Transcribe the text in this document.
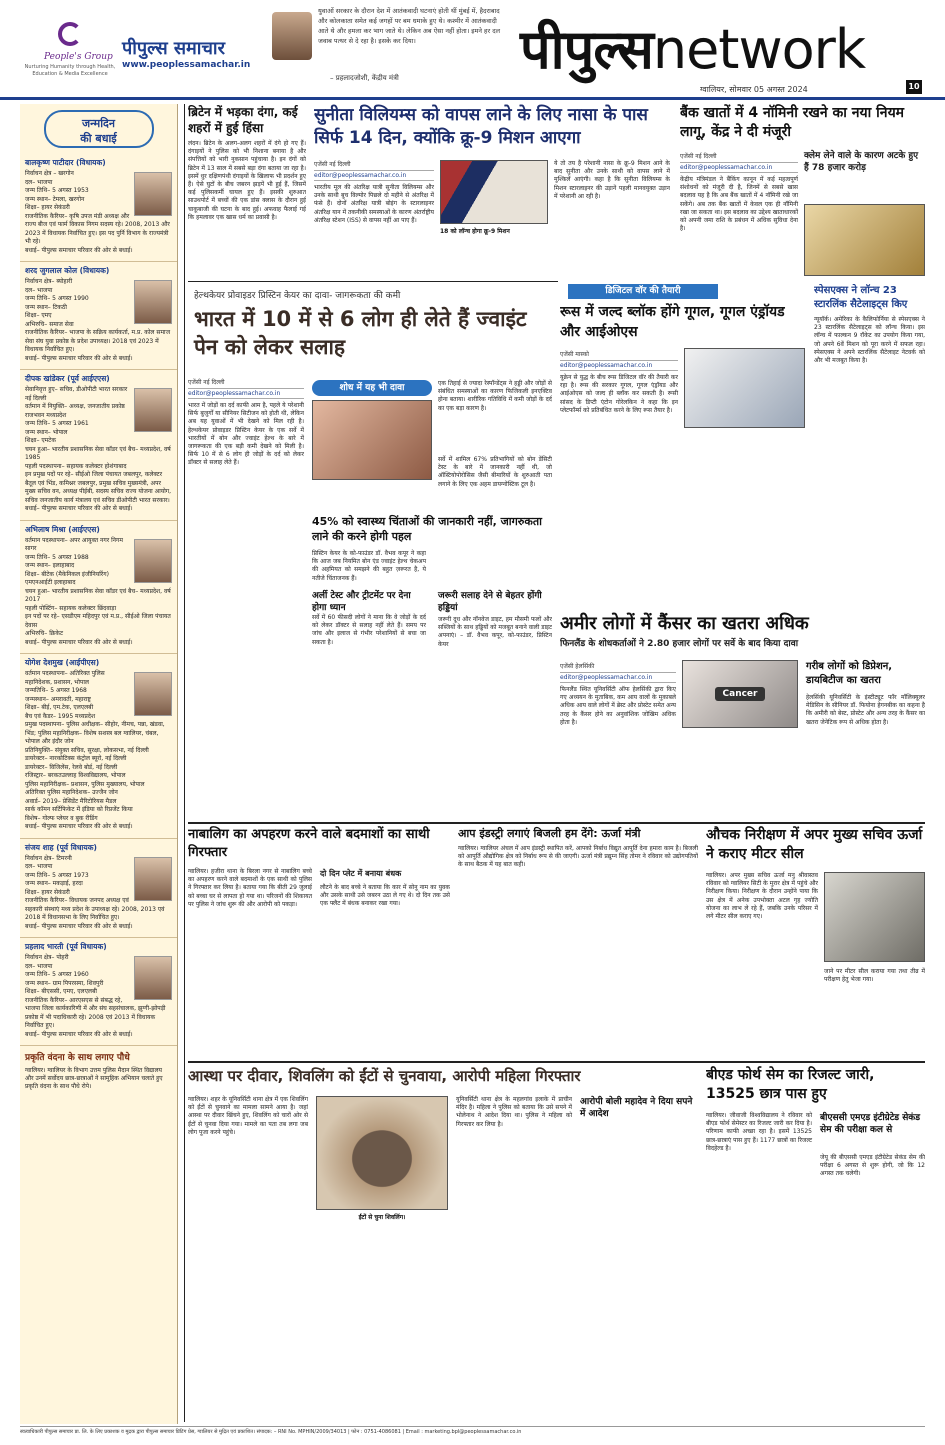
People's Group
Nurturing Humanity through Health, Education & Media Excellence
पीपुल्स समाचार
www.peoplessamachar.in
युवाओं सरकार के दौरान देश में आतंकवादी घटनाएं होती थीं मुंबई में, हैदराबाद और कोलकाता समेत कई जगहों पर बम धमाके हुए थे। कश्मीर में आतंकवादी आते थे और हमला कर भाग जाते थे। लेकिन अब ऐसा नहीं होता। इमने हर दल जवाब पत्थर से दे रहा है। इसके कर दिया।
– प्रहलादजोशी, केंद्रीय मंत्री पीपुल्सnetwork
ग्वालियर, सोमवार 05 अगस्त 2024	10
जन्मदिन
की बधाई
बालकृष्ण पाटीदार (विधायक)
निर्वाचन क्षेत्र – खरगोन
दल– भाजपा
जन्म तिथि– 5 अगस्त 1953
जन्म स्थान– टेमला, खरगोन
शिक्षा– हायर सेकंडरी
राजनीतिक कैरियर– कृषि उपज मंडी अध्यक्ष और राज्य बीज एवं फार्म विकास निगम सदस्य रहे। 2008, 2013 और 2023 में विधायक निर्वाचित हुए। इस पद पुर्नि विभाग के राज्यमंत्री भी रहे।
बधाई– पीपुल्स समाचार परिवार की ओर से बधाई।
शरद जुगलाल कोल (विधायक)
निर्वाचन क्षेत्र– ब्योहारी
दल– भाजपा
जन्म तिथि– 5 अगस्त 1990
जन्म स्थान– टिकठी
शिक्षा– एमए
अभिरुचि– समाज सेवा
राजनीतिक कैरियर– भाजपा के सक्रिय कार्यकर्ता, म.प्र. कोल समाज सेवा संघ युवा प्रकोष्ठ के प्रदेश उपाध्यक्ष। 2018 एवं 2023 में विधायक निर्वाचित हुए।
बधाई– पीपुल्स समाचार परिवार की ओर से बधाई।
दीपक खांडेकर (पूर्व आईएएस)
सेवानिवृत्त हुए– सचिव, डीओपीटी भारत सरकार नई दिल्ली
वर्तमान में नियुक्ति– अध्यक्ष, जनजातीय प्रकोष्ठ राजभवन मध्यप्रदेश
जन्म तिथि– 5 अगस्त 1961
जन्म स्थान– भोपाल
शिक्षा– एमटेक
चयन हुआ– भारतीय प्रशासनिक सेवा कॉडर एवं बैच– मध्यप्रदेश, वर्ष 1985
पहली पदस्थापना– सहायक कलेक्टर होशंगाबाद
इन प्रमुख पदों पर रहे– सीईओ जिला पंचायत जबलपुर, कलेक्टर बैतूल एवं भिंड, कमिश्नर जबलपुर, प्रमुख सचिव मुख्यमंत्री, अपर मुख्य सचिव वन, अध्यक्ष पीईबी, सदस्य सचिव राज्य योजना आयोग, सचिव जनजातीय कार्य मंत्रालय एवं सचिव डीओपीटी भारत सरकार।
बधाई– पीपुल्स समाचार परिवार की ओर से बधाई।
अभिलाष मिश्रा (आईएएस)
वर्तमान पदस्थापना– अपर आयुक्त नगर निगम सागर
जन्म तिथि– 5 अगस्त 1988
जन्म स्थान– इलाहाबाद
शिक्षा– बीटेक (मैकेनिकल इंजीनियरिंग) एमएनआईटी इलाहाबाद
चयन हुआ– भारतीय प्रशासनिक सेवा कॉडर एवं बैच– मध्यप्रदेश, वर्ष 2017
पहली पोस्टिंग– सहायक कलेक्टर छिंदवाड़ा
इन पदों पर रहे– एसडीएम महिदपुर एवं म.प्र., सीईओ जिला पंचायत देवास
अभिरुचि– क्रिकेट
बधाई– पीपुल्स समाचार परिवार की ओर से बधाई।
योगेश देशमुख (आईपीएस)
वर्तमान पदस्थापना– अतिरिक्त पुलिस महानिदेशक, प्रशासन, भोपाल
जन्मतिथि– 5 अगस्त 1968
जन्मस्थान– अमरावती, महाराष्ट्र
शिक्षा– बीई, एम.टेक, एलएलबी
बैच एवं कैडर– 1995 मध्यप्रदेश
प्रमुख पदस्थापना– पुलिस अधीक्षक– सीहोर, नीमच, पन्ना, खंडवा, भिंड; पुलिस महानिरीक्षक– विशेष सशस्त्र बल ग्वालियर, चंबल, भोपाल और इंदौर जोन
प्रतिनियुक्ति– संयुक्त सचिव, सुरक्षा, लोकसभा, नई दिल्ली
डायरेक्टर– नारकोटिक्स कंट्रोल ब्यूरो, नई दिल्ली
डायरेक्टर– विजिलेंस, रेलवे बोर्ड, नई दिल्ली
रजिस्ट्रार– बरकतउल्लाह विश्वविद्यालय, भोपाल
पुलिस महानिरीक्षक– प्रशासन, पुलिस मुख्यालय, भोपाल
अतिरिक्त पुलिस महानिदेशक– उज्जैन जोन
अवार्ड– 2019– प्रेसिडेंट मैरिटोरियस मैडल
सार्क कॉमन सर्टिफिकेट में इंडिया को रिप्रजेंट किया
विशेष– गोल्फ प्लेयर व बुक रीडिंग
बधाई– पीपुल्स समाचार परिवार की ओर से बधाई।
संजय शाह (पूर्व विधायक)
निर्वाचन क्षेत्र– टिमरनी
दल– भाजपा
जन्म तिथि– 5 अगस्त 1973
जन्म स्थान– मकड़ाई, हरदा
शिक्षा– हायर सेकंडरी
राजनीतिक कैरियर– विधायक जनपद अध्यक्ष एवं सहकारी संस्थाएं मध्य प्रदेश के उपाध्यक्ष रहे। 2008, 2013 एवं 2018 में विधानसभा के लिए निर्वाचित हुए।
बधाई– पीपुल्स समाचार परिवार की ओर से बधाई।
प्रहलाद भारती (पूर्व विधायक)
निर्वाचन क्षेत्र– पोहरी
दल– भाजपा
जन्म तिथि– 5 अगस्त 1960
जन्म स्थान– ग्राम पिपरसमा, शिवपुरी
शिक्षा– बीएससी, एमए, एलएलबी
राजनीतिक कैरियर– आरएसएस से संबद्ध रहे, भाजपा जिला कार्यकारिणी में और संघ सहसंचालक, झुग्गी-झोपड़ी प्रकोष्ठ में भी पदाधिकारी रहे। 2008 एवं 2013 में विधायक निर्वाचित हुए।
बधाई– पीपुल्स समाचार परिवार की ओर से बधाई।
प्रकृति वंदना के साथ लगाए पौधे
ग्वालियर। ग्वालियर के विभाग उत्तम पुलिस मैदान स्थित विद्यालय और उनमें सर्वोदय छात्र-छात्राओं ने सामूहिक अभियान चलाते हुए प्रकृति वंदना के साथ पौधे रोपे।
ब्रिटेन में भड़का दंगा, कई शहरों में हुई हिंसा
लंदन। ब्रिटेन के अलग-अलग शहरों में दंगे हो गए हैं। दंगाइयों ने पुलिस को भी निशाना बनाया है और संपत्तियों को भारी नुकसान पहुंचाया है। इन दंगों को ब्रिटेन में 13 साल में सबसे बड़ा दंगा बताया जा रहा है। इसमें धुर दक्षिणपंथी दंगाइयों के खिलाफ भी प्रदर्शन हुए हैं। ऐसे घुटों के बीच जबरन झड़पें भी हुई हैं, जिसमें कई पुलिसकर्मी घायल हुए हैं। इसकी शुरुआत साउथपोर्ट में बच्चों की एक डांस क्लास के दौरान हुई चाकूबाजी की घटना के बाद हुई। अफवाह फैलाई गई कि हमलावर एक खास धर्म का प्रवासी है।
सुनीता विलियम्स को वापस लाने के लिए नासा के पास सिर्फ 14 दिन, क्योंकि क्रू-9 मिशन आएगा
एजेंसी नई दिल्ली
editor@peoplessamachar.co.in
भारतीय मूल की अंतरिक्ष यात्री सुनीता विलियम्स और उनके साथी बुच विल्मोर पिछले दो महीने से अंतरिक्ष में फंसे हैं। दोनों अंतरिक्ष यात्री बोइंग के स्टारलाइनर अंतरिक्ष यान में तकनीकी समस्याओं के कारण अंतर्राष्ट्रीय अंतरिक्ष स्टेशन (ISS) से वापस नहीं आ पाए हैं।
18 को लॉन्च होगा क्रू-9 मिशन
ये तो तय है परेशानी नासा के क्रू-9 मिशन आने के बाद सुनीता और उनके साथी को वापस लाने में मुश्किलें आएंगी। कहा है कि सुनीता विलियम्स के मिशन स्टारलाइनर की उड़ानें पहली मानवयुक्त उड़ान में परेशानी आ रही है।
बैंक खातों में 4 नॉमिनी रखने का नया नियम लागू, केंद्र ने दी मंजूरी
एजेंसी नई दिल्ली
editor@peoplessamachar.co.in
केंद्रीय मंत्रिमंडल ने बैंकिंग कानून में कई महत्वपूर्ण संशोधनों को मंजूरी दी है, जिनमें से सबसे खास बदलाव यह है कि अब बैंक खातों में 4 नॉमिनी रखे जा सकेंगे। अब तक बैंक खातों में केवल एक ही नॉमिनी रखा जा सकता था। इस बदलाव का उद्देश्य खाताधारकों को अपनी जमा राशि के प्रबंधन में अधिक सुविधा देना है।
क्लेम लेने वाले के कारण अटके हुए हैं 78 हजार करोड़
हेल्थकेयर प्रोवाइडर प्रिस्टिन केयर का दावा- जागरूकता की कमी
भारत में 10 में से 6 लोग ही लेते हैं ज्वाइंट पेन को लेकर सलाह
एजेंसी नई दिल्ली
editor@peoplessamachar.co.in
भारत में जोड़ों का दर्द काफी आम है, पहले ये परेशानी सिर्फ बुजुर्गों या सीनियर सिटीजन को होती थी, लेकिन अब यह युवाओं में भी देखने को मिल रही है। हेल्थकेयर प्रोवाइडर प्रिस्टिन केयर के एक सर्वे में भारतीयों में बोन और ज्वाइंट हेल्थ के बारे में जागरूकता की एक बड़ी कमी देखने को मिली है। सिर्फ 10 में से 6 लोग ही जोड़ों के दर्द को लेकर डॉक्टर से सलाह लेते हैं।
शोध में यह भी दावा	एक तिहाई से ज्यादा रेस्पॉन्डेंट्स ने हड्डी और जोड़ों से संबंधित समस्याओं का कारण फिजिकली इनएक्टिव होना बताया। शारीरिक गतिविधि में कमी जोड़ों के दर्द का एक बड़ा कारण है।
सर्वे में शामिल 67% प्रतिभागियों को बोन डेंसिटी टेस्ट के बारे में जानकारी नहीं थी, जो ऑस्टियोपोरोसिस जैसी बीमारियों के शुरुआती पता लगाने के लिए एक अहम डायग्नोस्टिक टूल है।
45% को स्वास्थ्य चिंताओं की जानकारी नहीं, जागरुकता लाने की करने होगी पहल
प्रिस्टिन केयर के को-फाउंडर डॉ. वैभव कपूर ने कहा कि आज जब नियमित बोन एंड ज्वाइंट हेल्थ चेकअप की अहमियत को समझने की बहुत ज़रूरत है, ये नतीजे चिंताजनक हैं।
अर्ली टेस्ट और ट्रीटमेंट पर देना होगा ध्यान
सर्वे में 60 फीसदी लोगों ने माना कि वे जोड़ों के दर्द को लेकर डॉक्टर से सलाह नहीं लेते हैं। समय पर जांच और इलाज से गंभीर परेशानियों से बचा जा सकता है।
जरूरी सलाह देने से बेहतर होंगी हड्डियां
जरूरी दूध और नॉनवेज डाइट, हम मौसमी फलों और सब्जियों के साथ हड्डियों को मजबूत बनाने वाली डाइट अपनाएं। – डॉ. वैभव कपूर, को-फाउंडर, प्रिस्टिन केयर
डिजिटल वॉर की तैयारी
रूस में जल्द ब्लॉक होंगे गूगल, गूगल एंड्रॉयड और आईओएस
एजेंसी मास्को
editor@peoplessamachar.co.in
यूक्रेन से युद्ध के बीच रूस डिजिटल वॉर की तैयारी कर रहा है। रूस की सरकार गूगल, गूगल एंड्रॉयड और आईओएस को जल्द ही ब्लॉक कर सकती है। रूसी सांसद के डिप्टी एंटोन गोरेलकिन ने कहा कि इन प्लेटफॉर्म्स को प्रतिबंधित करने के लिए रूस तैयार है।
स्पेसएक्स ने लॉन्च 23 स्टारलिंक सैटेलाइट्स किए
न्यूयॉर्क। अमेरिका के कैलिफोर्निया से स्पेसएक्स ने 23 स्टारलिंक सैटेलाइट्स को लॉन्च किया। इस लॉन्च में फाल्कन 9 रॉकेट का उपयोग किया गया, जो अपने 6वें मिशन को पूरा करने में सफल रहा। स्पेसएक्स ने अपने स्टारलिंक सैटेलाइट नेटवर्क को और भी मजबूत किया है।
अमीर लोगों में कैंसर का खतरा अधिक
फिनलैंड के शोधकर्ताओं ने 2.80 हजार लोगों पर सर्वे के बाद किया दावा
एजेंसी हेलसिंकी
editor@peoplessamachar.co.in
फिनलैंड स्थित यूनिवर्सिटी ऑफ हेलसिंकी द्वारा किए गए अध्ययन के मुताबिक, कम आय वालों के मुकाबले अधिक आय वाले लोगों में ब्रेस्ट और प्रोस्टेट समेत अन्य तरह के कैंसर होने का अनुवांशिक जोखिम अधिक होता है।
Cancer
गरीब लोगों को डिप्रेशन, डायबिटीज का खतरा
हेलसिंकी यूनिवर्सिटी के इंस्टीट्यूट फॉर मॉलिक्यूलर मेडिसिन के सीनियर डॉ. फियोना हेगनबीक का कहना है कि अमीरी को बेस्ट, प्रोस्टेट और अन्य तरह के कैंसर का खतरा जेनेटिक रूप से अधिक होता है।
नाबालिग का अपहरण करने वाले बदमाशों का साथी गिरफ्तार
ग्वालियर। हजीरा थाना के बिरला नगर से नाबालिग बच्चे का अपहरण करने वाले बदमाशों के एक साथी को पुलिस ने गिरफ्तार कर लिया है। बताया गया कि बीती 29 जुलाई को बच्चा घर से लापता हो गया था। परिजनों की शिकायत पर पुलिस ने जांच शुरू की और आरोपी को पकड़ा।
दो दिन प्लेट में बनाया बंधक
लौटने के बाद बच्चे ने बताया कि कार में सोनू नाम का युवक और उसके साथी उसे जबरन उठा ले गए थे। दो दिन तक उसे एक फ्लैट में बंधक बनाकर रखा गया।
आप इंडस्ट्री लगाएं बिजली हम देंगे: ऊर्जा मंत्री
ग्वालियर। ग्वालियर अंचल में आप इंडस्ट्री स्थापित करें, आपको निर्बाध विद्युत आपूर्ति देना हमारा काम है। बिजली को आपूर्ति औद्योगिक क्षेत्र को निर्बाध रूप से की जाएगी। ऊर्जा मंत्री प्रद्युम्न सिंह तोमर ने रविवार को उद्योगपतियों के साथ बैठक में यह बात कही।
औचक निरीक्षण में अपर मुख्य सचिव ऊर्जा ने कराए मीटर सील
ग्वालियर। अपर मुख्य सचिव ऊर्जा मनु श्रीवास्तव रविवार को ग्वालियर सिटी के मुरार क्षेत्र में पहुंचे और निरीक्षण किया। निरीक्षण के दौरान उन्होंने पाया कि उस क्षेत्र में अनेक उपभोक्ता अटल गृह ज्योति योजना का लाभ ले रहे हैं, जबकि उनके परिसर में लगे मीटर सील कराए गए।
जाने पर मीटर सील कराया गया तथा तीव्र में परीक्षण हेतु भेजा गया।
आस्था पर दीवार, शिवलिंग को ईंटों से चुनवाया, आरोपी महिला गिरफ्तार
ग्वालियर। शहर के यूनिवर्सिटी थाना क्षेत्र में एक शिवलिंग को ईंटों से चुनवाने का मामला सामने आया है। जहां आस्था पर दीवार खिंचने हुए, शिवलिंग को चारों ओर से ईंटों से चुनवा दिया गया। मामले का पता तब लगा जब लोग पूजा करने पहुंचे।
ईंटों से चुना शिवलिंग।
यूनिवर्सिटी थाना क्षेत्र के महलगांव इलाके में प्राचीन मंदिर है। महिला ने पुलिस को बताया कि उसे सपने में भोलेनाथ ने आदेश दिया था। पुलिस ने महिला को गिरफ्तार कर लिया है।
आरोपी बोली महादेव ने दिया सपने में आदेश
बीएड फोर्थ सेम का रिजल्ट जारी, 13525 छात्र पास हुए
ग्वालियर। जीवाजी विश्वविद्यालय ने रविवार को बीएड फोर्थ सेमेस्टर का रिजल्ट जारी कर दिया है। परिणाम काफी अच्छा रहा है। इसमें 13525 छात्र-छात्राएं पास हुए हैं। 1177 छात्रों का रिजल्ट विदहेल्ड है।
बीएससी एमएड इंटीग्रेटेड सेकंड सेम की परीक्षा कल से
जेयू की बीएससी एमएड इंटीग्रेटेड सेकंड सेम की परीक्षा 6 अगस्त से शुरू होगी, जो कि 12 अगस्त तक चलेगी।
स्वत्वाधिकारी पीपुल्स समाचार प्रा. लि. के लिए प्रकाशक व मुद्रक द्वारा पीपुल्स समाचार प्रिंटिंग प्रेस, ग्वालियर से मुद्रित एवं प्रकाशित। संपादक: – RNI No. MPHIN/2009/34013 | फोन : 0751-4086081 | Email : marketing.bpl@peoplessamachar.co.in
